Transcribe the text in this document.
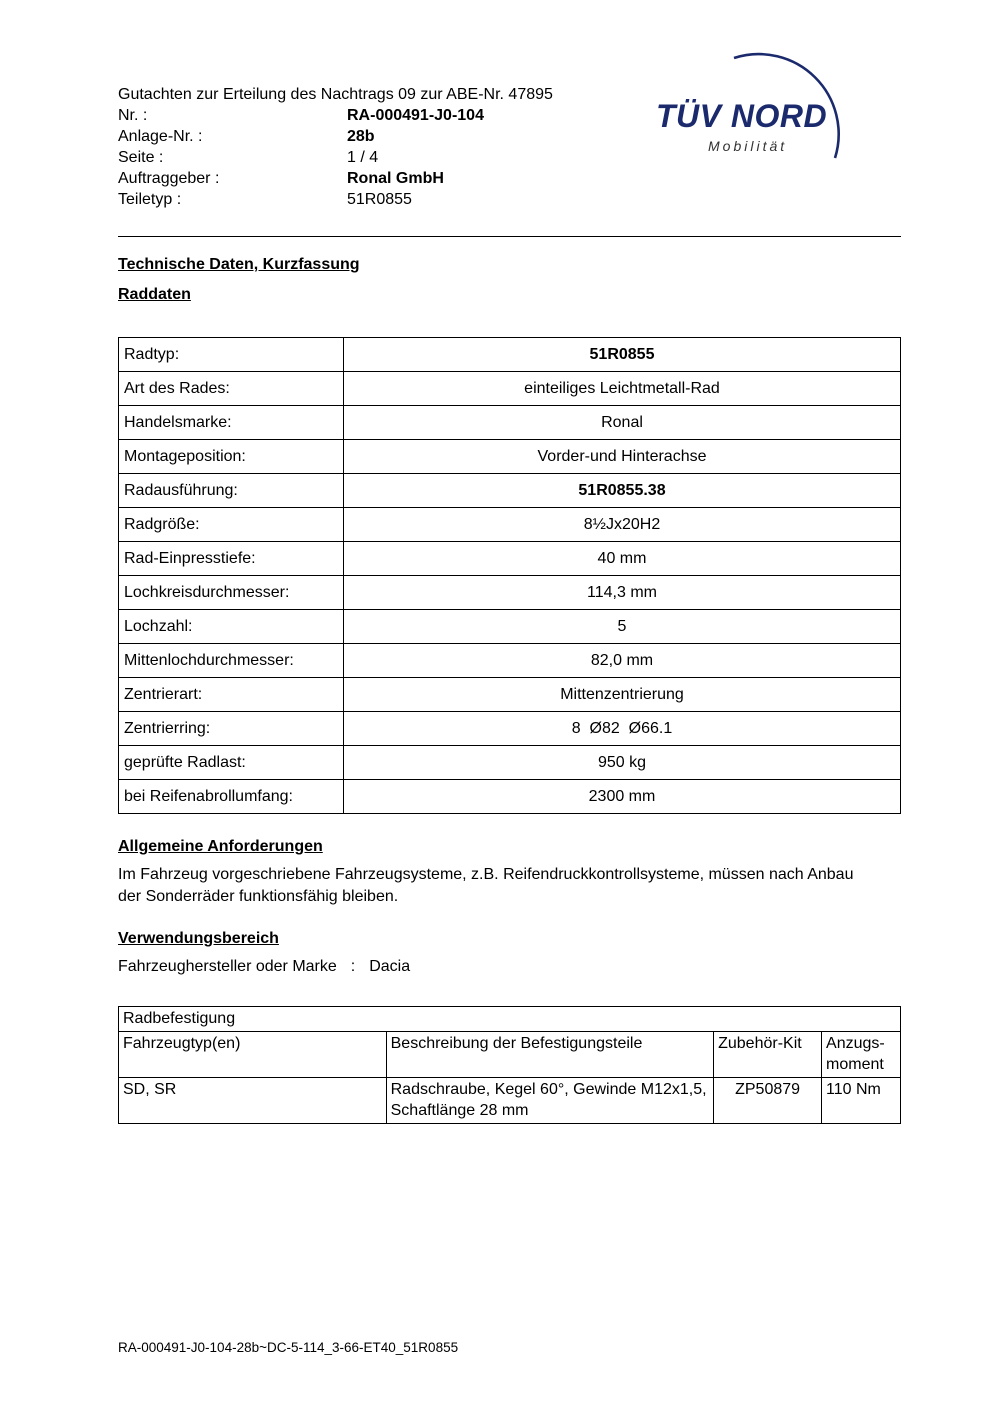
TÜV NORD
Mobilität
Gutachten zur Erteilung des Nachtrags 09 zur ABE-Nr. 47895
Nr. :	RA-000491-J0-104
Anlage-Nr. :	28b
Seite :	1 / 4
Auftraggeber :	Ronal GmbH
Teiletyp :	51R0855
Technische Daten, Kurzfassung
Raddaten
Radtyp:	51R0855
Art des Rades:	einteiliges Leichtmetall-Rad
Handelsmarke:	Ronal
Montageposition:	Vorder-und Hinterachse
Radausführung:	51R0855.38
Radgröße:	8½Jx20H2
Rad-Einpresstiefe:	40 mm
Lochkreisdurchmesser:	114,3 mm
Lochzahl:	5
Mittenlochdurchmesser:	82,0 mm
Zentrierart:	Mittenzentrierung
Zentrierring:	8  Ø82  Ø66.1
geprüfte Radlast:	950 kg
bei Reifenabrollumfang:	2300 mm
Allgemeine Anforderungen
Im Fahrzeug vorgeschriebene Fahrzeugsysteme, z.B. Reifendruckkontrollsysteme, müssen nach Anbau der Sonderräder funktionsfähig bleiben.
Verwendungsbereich
Fahrzeughersteller oder Marke : Dacia
Radbefestigung			
Fahrzeugtyp(en)	Beschreibung der Befestigungsteile	Zubehör-Kit	Anzugs-moment
SD, SR	Radschraube, Kegel 60°, Gewinde M12x1,5, Schaftlänge 28 mm	ZP50879	110 Nm
RA-000491-J0-104-28b~DC-5-114_3-66-ET40_51R0855
